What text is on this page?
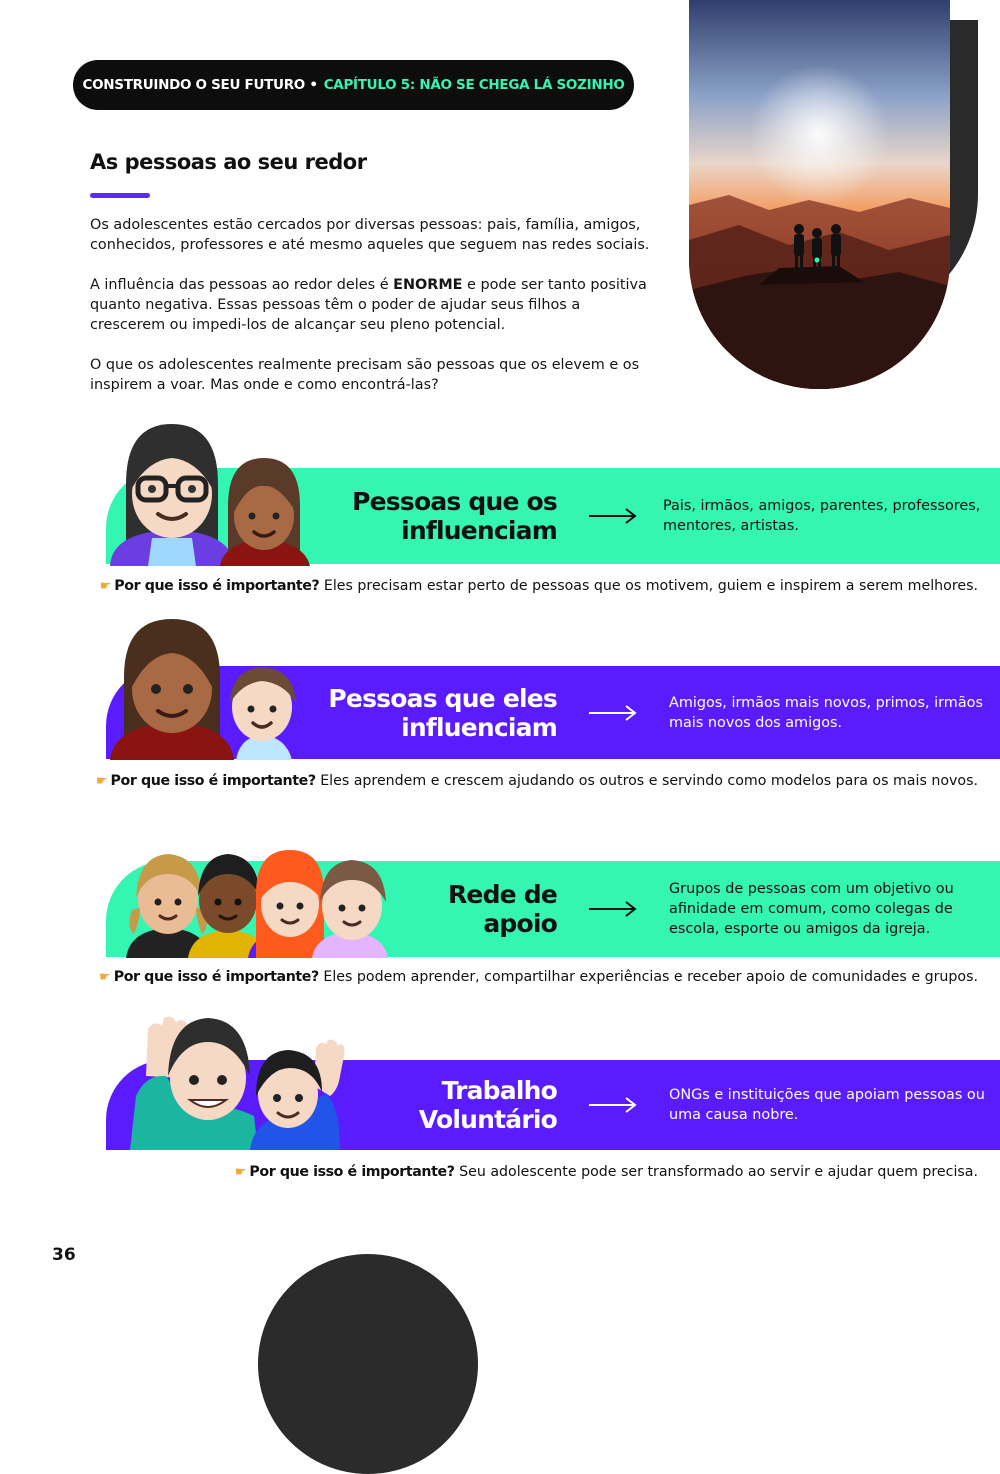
CONSTRUINDO O SEU FUTURO • CAPÍTULO 5: NÃO SE CHEGA LÁ SOZINHO
As pessoas ao seu redor

Os adolescentes estão cercados por diversas pessoas: pais, família, amigos, conhecidos, professores e até mesmo aqueles que seguem nas redes sociais.

A influência das pessoas ao redor deles é ENORME e pode ser tanto positiva quanto negativa. Essas pessoas têm o poder de ajudar seus filhos a crescerem ou impedi-los de alcançar seu pleno potencial.

O que os adolescentes realmente precisam são pessoas que os elevem e os inspirem a voar. Mas onde e como encontrá-las?

Pessoas que os
influenciam

Pais, irmãos, amigos, parentes, professores, mentores, artistas.

☛ Por que isso é importante? Eles precisam estar perto de pessoas que os motivem, guiem e inspirem a serem melhores.

Pessoas que eles
influenciam

Amigos, irmãos mais novos, primos, irmãos mais novos dos amigos.

☛ Por que isso é importante? Eles aprendem e crescem ajudando os outros e servindo como modelos para os mais novos.

Rede de
apoio

Grupos de pessoas com um objetivo ou afinidade em comum, como colegas de escola, esporte ou amigos da igreja.

☛ Por que isso é importante? Eles podem aprender, compartilhar experiências e receber apoio de comunidades e grupos.

Trabalho
Voluntário

ONGs e instituições que apoiam pessoas ou uma causa nobre.

☛ Por que isso é importante? Seu adolescente pode ser transformado ao servir e ajudar quem precisa.

36
